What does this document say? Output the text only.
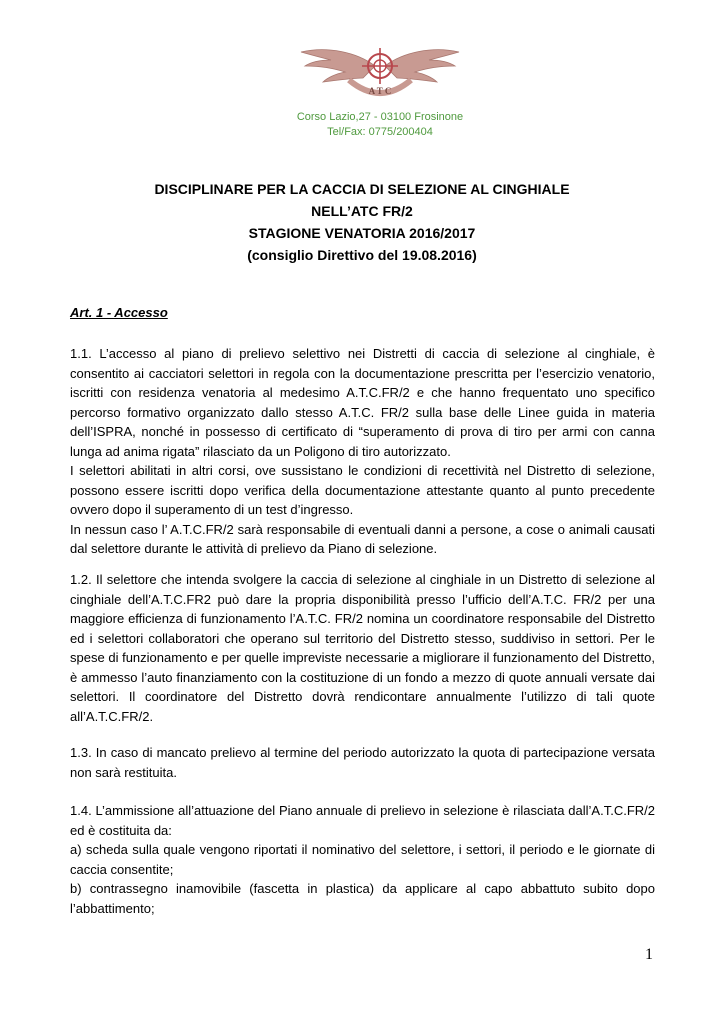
A T C
Corso Lazio,27 - 03100 Frosinone
Tel/Fax: 0775/200404
DISCIPLINARE PER LA CACCIA DI SELEZIONE AL CINGHIALE
NELL’ATC FR/2
STAGIONE VENATORIA 2016/2017
(consiglio Direttivo del 19.08.2016)
Art. 1 - Accesso

1.1. L’accesso al piano di prelievo selettivo nei Distretti di caccia di selezione al cinghiale, è consentito ai cacciatori selettori in regola con la documentazione prescritta per l’esercizio venatorio, iscritti con residenza venatoria al medesimo A.T.C.FR/2 e che hanno frequentato uno specifico percorso formativo organizzato dallo stesso A.T.C. FR/2 sulla base delle Linee guida in materia dell’ISPRA, nonché in possesso di certificato di “superamento di prova di tiro per armi con canna lunga ad anima rigata” rilasciato da un Poligono di tiro autorizzato.

I selettori abilitati in altri corsi, ove sussistano le condizioni di recettività nel Distretto di selezione, possono essere iscritti dopo verifica della documentazione attestante quanto al punto precedente ovvero dopo il superamento di un test d’ingresso.

In nessun caso l’ A.T.C.FR/2 sarà responsabile di eventuali danni a persone, a cose o animali causati dal selettore durante le attività di prelievo da Piano di selezione.

1.2. Il selettore che intenda svolgere la caccia di selezione al cinghiale in un Distretto di selezione al cinghiale dell’A.T.C.FR2 può dare la propria disponibilità presso l’ufficio dell’A.T.C. FR/2 per una maggiore efficienza di funzionamento l’A.T.C. FR/2 nomina un coordinatore responsabile del Distretto ed i selettori collaboratori che operano sul territorio del Distretto stesso, suddiviso in settori. Per le spese di funzionamento e per quelle impreviste necessarie a migliorare il funzionamento del Distretto, è ammesso l’auto finanziamento con la costituzione di un fondo a mezzo di quote annuali versate dai selettori. Il coordinatore del Distretto dovrà rendicontare annualmente l’utilizzo di tali quote all’A.T.C.FR/2.

1.3. In caso di mancato prelievo al termine del periodo autorizzato la quota di partecipazione versata non sarà restituita.

1.4. L’ammissione all’attuazione del Piano annuale di prelievo in selezione è rilasciata dall’A.T.C.FR/2 ed è costituita da:

a) scheda sulla quale vengono riportati il nominativo del selettore, i settori, il periodo e le giornate di caccia consentite;

b) contrassegno inamovibile (fascetta in plastica) da applicare al capo abbattuto subito dopo l’abbattimento;

1
